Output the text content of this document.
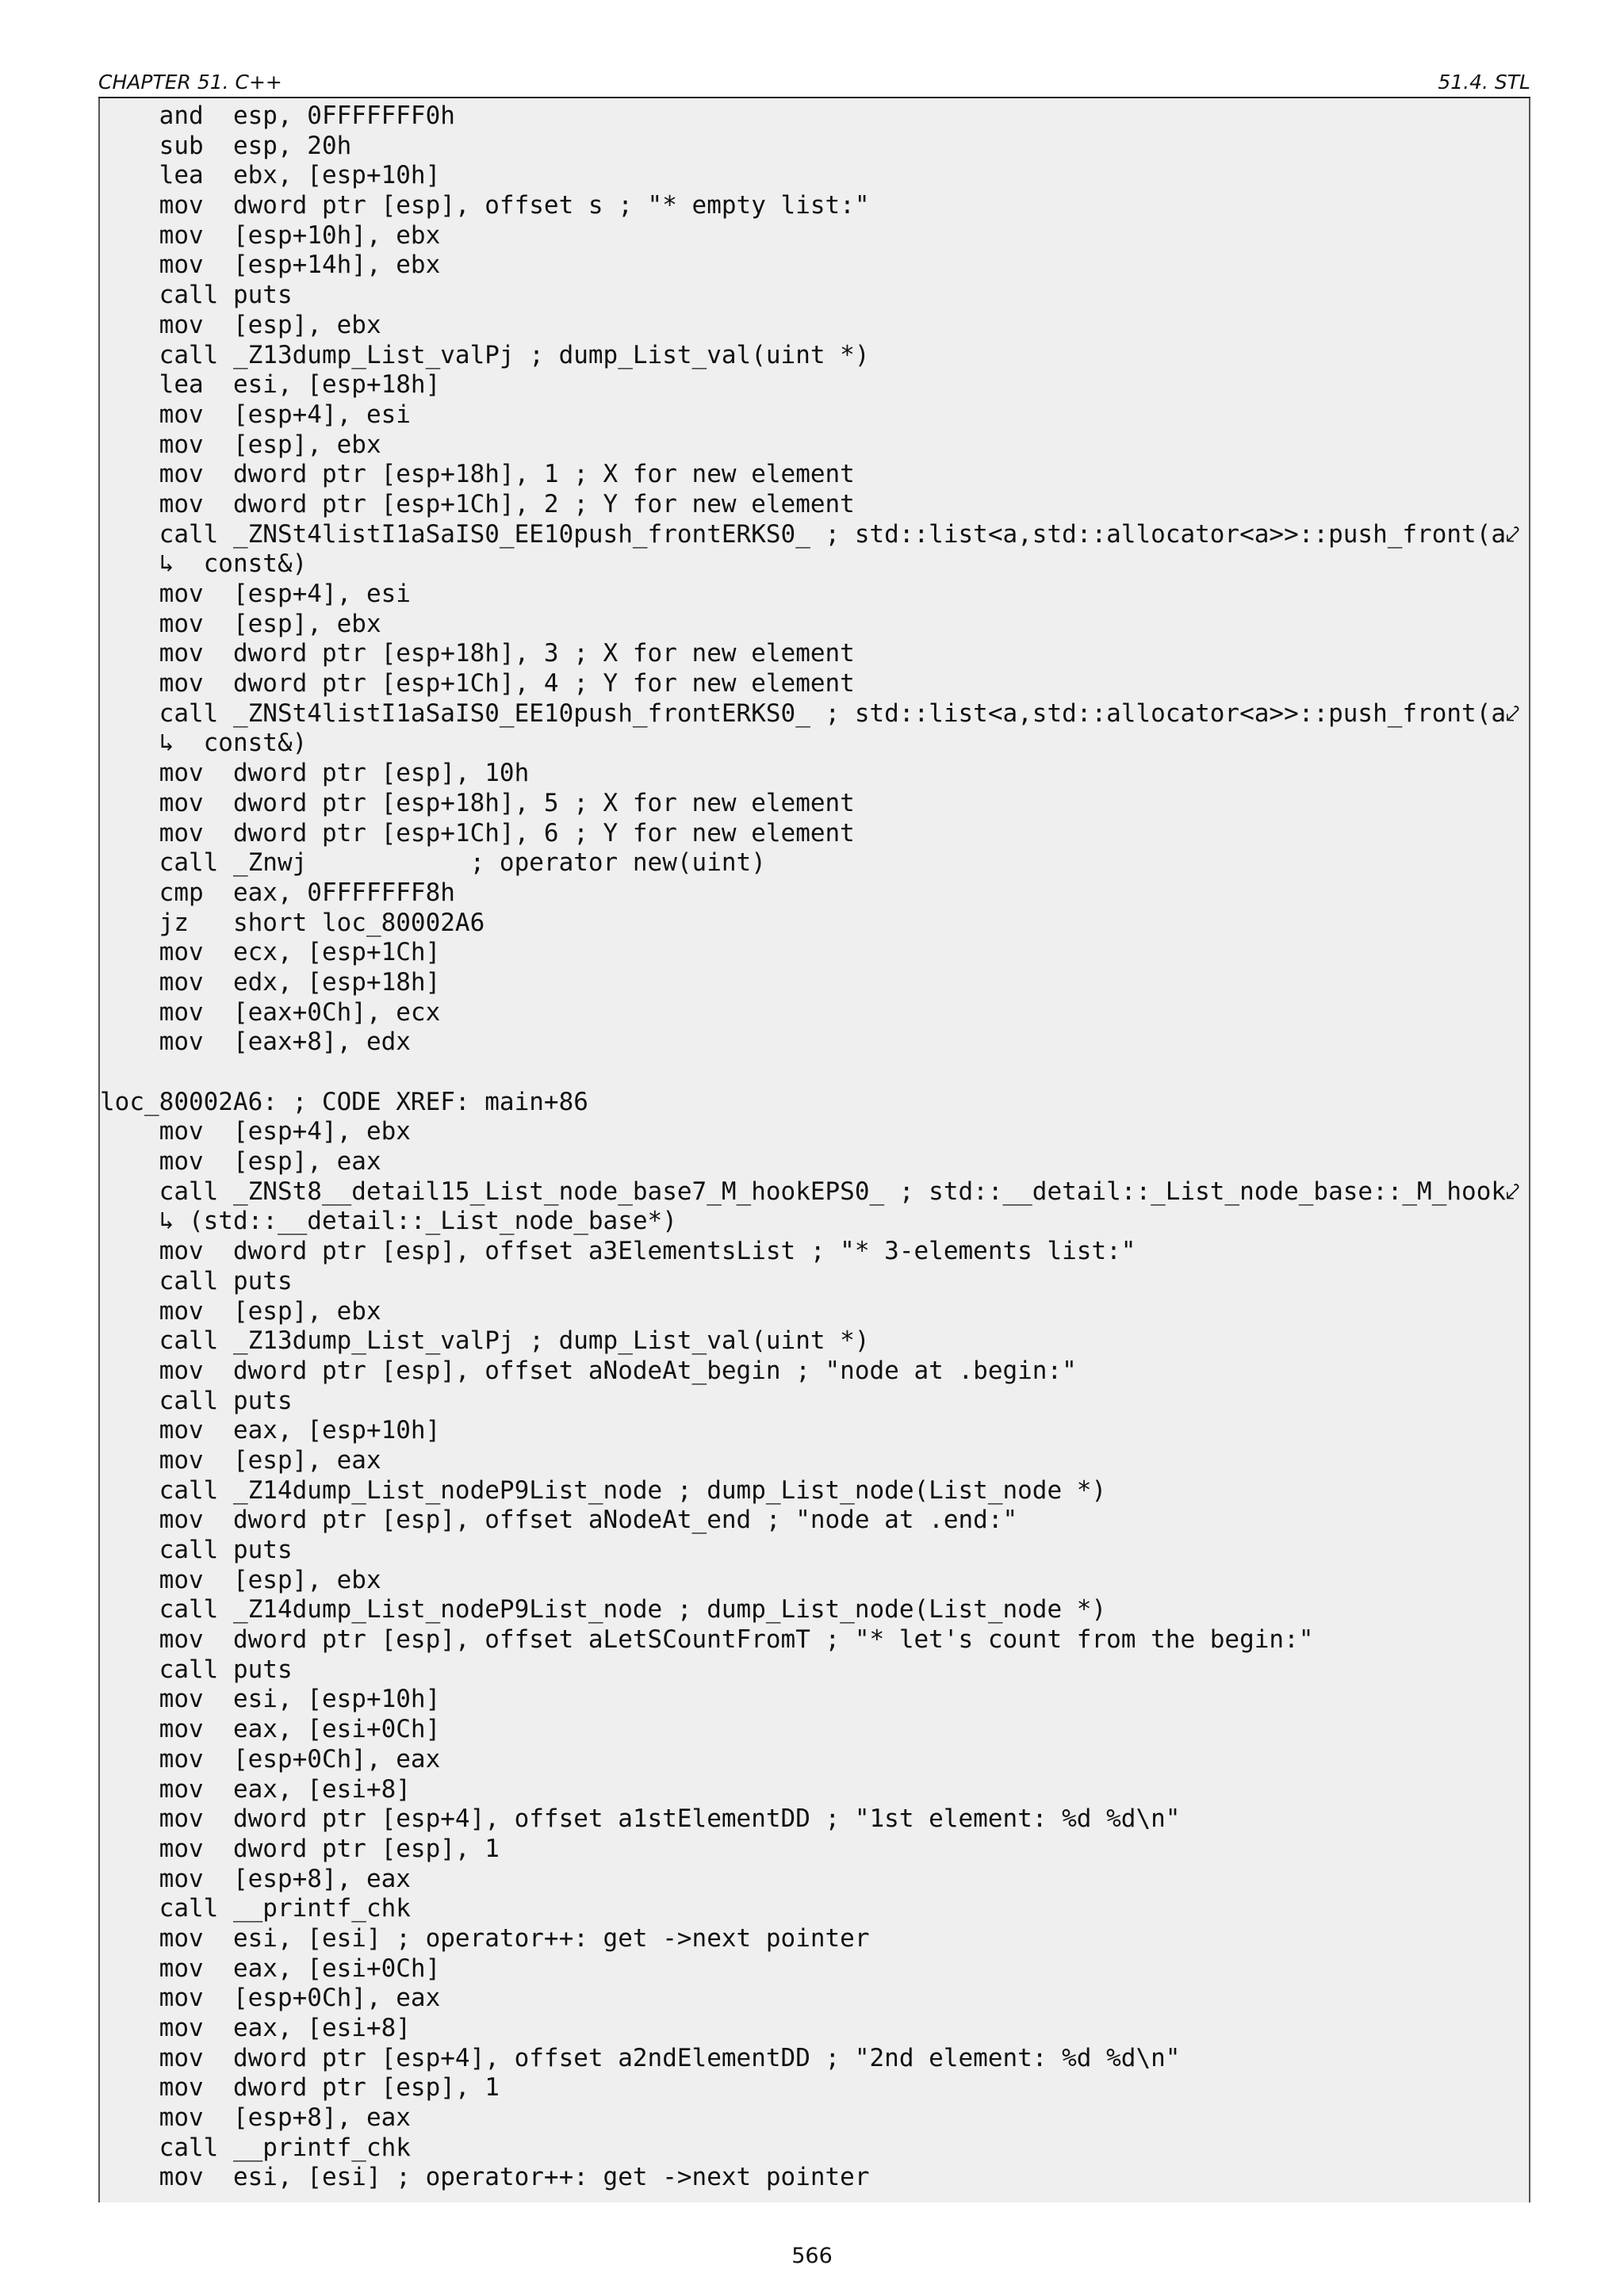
CHAPTER 51. C++	51.4. STL
and  esp, 0FFFFFFF0h
sub  esp, 20h
lea  ebx, [esp+10h]
mov  dword ptr [esp], offset s ; "* empty list:"
mov  [esp+10h], ebx
mov  [esp+14h], ebx
call puts
mov  [esp], ebx
call _Z13dump_List_valPj ; dump_List_val(uint *)
lea  esi, [esp+18h]
mov  [esp+4], esi
mov  [esp], ebx
mov  dword ptr [esp+18h], 1 ; X for new element
mov  dword ptr [esp+1Ch], 2 ; Y for new element
call _ZNSt4listI1aSaIS0_EE10push_frontERKS0_ ; std::list<a,std::allocator<a>>::push_front(a⤦
↳  const&)
mov  [esp+4], esi
mov  [esp], ebx
mov  dword ptr [esp+18h], 3 ; X for new element
mov  dword ptr [esp+1Ch], 4 ; Y for new element
call _ZNSt4listI1aSaIS0_EE10push_frontERKS0_ ; std::list<a,std::allocator<a>>::push_front(a⤦
↳  const&)
mov  dword ptr [esp], 10h
mov  dword ptr [esp+18h], 5 ; X for new element
mov  dword ptr [esp+1Ch], 6 ; Y for new element
call _Znwj           ; operator new(uint)
cmp  eax, 0FFFFFFF8h
jz   short loc_80002A6
mov  ecx, [esp+1Ch]
mov  edx, [esp+18h]
mov  [eax+0Ch], ecx
mov  [eax+8], edx
loc_80002A6: ; CODE XREF: main+86
mov  [esp+4], ebx
mov  [esp], eax
call _ZNSt8__detail15_List_node_base7_M_hookEPS0_ ; std::__detail::_List_node_base::_M_hook⤦
↳ (std::__detail::_List_node_base*)
mov  dword ptr [esp], offset a3ElementsList ; "* 3-elements list:"
call puts
mov  [esp], ebx
call _Z13dump_List_valPj ; dump_List_val(uint *)
mov  dword ptr [esp], offset aNodeAt_begin ; "node at .begin:"
call puts
mov  eax, [esp+10h]
mov  [esp], eax
call _Z14dump_List_nodeP9List_node ; dump_List_node(List_node *)
mov  dword ptr [esp], offset aNodeAt_end ; "node at .end:"
call puts
mov  [esp], ebx
call _Z14dump_List_nodeP9List_node ; dump_List_node(List_node *)
mov  dword ptr [esp], offset aLetSCountFromT ; "* let's count from the begin:"
call puts
mov  esi, [esp+10h]
mov  eax, [esi+0Ch]
mov  [esp+0Ch], eax
mov  eax, [esi+8]
mov  dword ptr [esp+4], offset a1stElementDD ; "1st element: %d %d\n"
mov  dword ptr [esp], 1
mov  [esp+8], eax
call __printf_chk
mov  esi, [esi] ; operator++: get ->next pointer
mov  eax, [esi+0Ch]
mov  [esp+0Ch], eax
mov  eax, [esi+8]
mov  dword ptr [esp+4], offset a2ndElementDD ; "2nd element: %d %d\n"
mov  dword ptr [esp], 1
mov  [esp+8], eax
call __printf_chk
mov  esi, [esi] ; operator++: get ->next pointer
566
